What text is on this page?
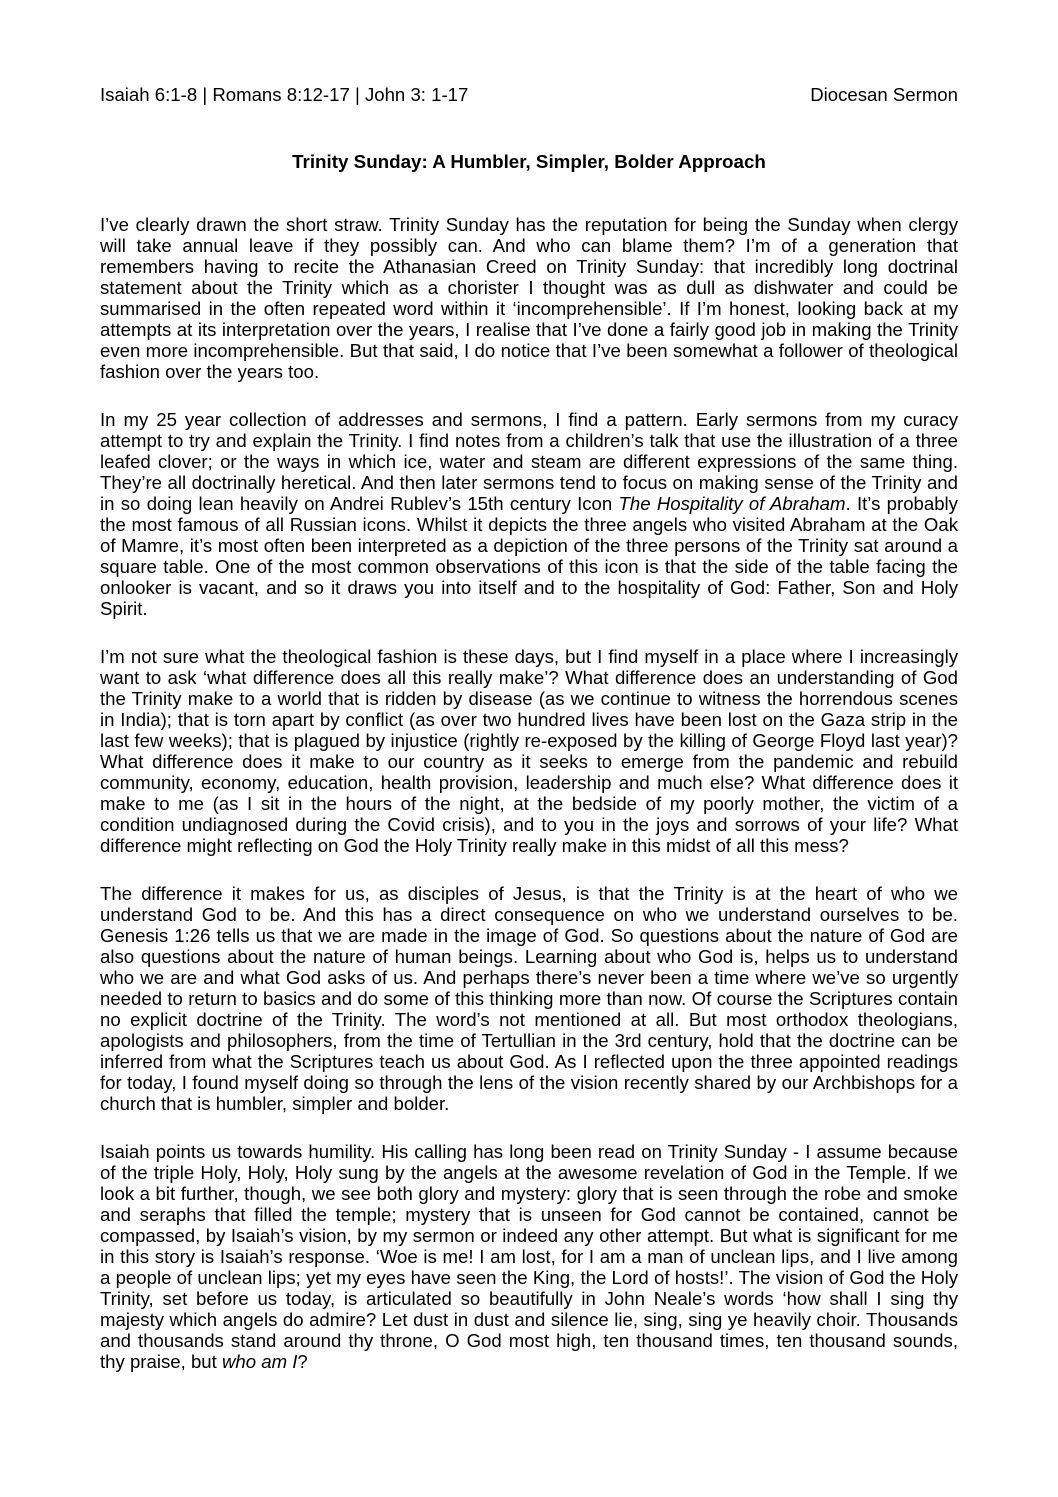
Isaiah 6:1-8 | Romans 8:12-17 | John 3: 1-17	Diocesan Sermon
Trinity Sunday: A Humbler, Simpler, Bolder Approach

I’ve clearly drawn the short straw. Trinity Sunday has the reputation for being the Sunday when clergy will take annual leave if they possibly can. And who can blame them? I’m of a generation that remembers having to recite the Athanasian Creed on Trinity Sunday: that incredibly long doctrinal statement about the Trinity which as a chorister I thought was as dull as dishwater and could be summarised in the often repeated word within it ‘incomprehensible’. If I’m honest, looking back at my attempts at its interpretation over the years, I realise that I’ve done a fairly good job in making the Trinity even more incomprehensible. But that said, I do notice that I’ve been somewhat a follower of theological fashion over the years too.

In my 25 year collection of addresses and sermons, I find a pattern. Early sermons from my curacy attempt to try and explain the Trinity. I find notes from a children’s talk that use the illustration of a three leafed clover; or the ways in which ice, water and steam are different expressions of the same thing. They’re all doctrinally heretical. And then later sermons tend to focus on making sense of the Trinity and in so doing lean heavily on Andrei Rublev’s 15th century Icon The Hospitality of Abraham. It’s probably the most famous of all Russian icons. Whilst it depicts the three angels who visited Abraham at the Oak of Mamre, it’s most often been interpreted as a depiction of the three persons of the Trinity sat around a square table. One of the most common observations of this icon is that the side of the table facing the onlooker is vacant, and so it draws you into itself and to the hospitality of God: Father, Son and Holy Spirit.

I’m not sure what the theological fashion is these days, but I find myself in a place where I increasingly want to ask ‘what difference does all this really make’? What difference does an understanding of God the Trinity make to a world that is ridden by disease (as we continue to witness the horrendous scenes in India); that is torn apart by conflict (as over two hundred lives have been lost on the Gaza strip in the last few weeks); that is plagued by injustice (rightly re-exposed by the killing of George Floyd last year)? What difference does it make to our country as it seeks to emerge from the pandemic and rebuild community, economy, education, health provision, leadership and much else? What difference does it make to me (as I sit in the hours of the night, at the bedside of my poorly mother, the victim of a condition undiagnosed during the Covid crisis), and to you in the joys and sorrows of your life? What difference might reflecting on God the Holy Trinity really make in this midst of all this mess?

The difference it makes for us, as disciples of Jesus, is that the Trinity is at the heart of who we understand God to be. And this has a direct consequence on who we understand ourselves to be. Genesis 1:26 tells us that we are made in the image of God. So questions about the nature of God are also questions about the nature of human beings. Learning about who God is, helps us to understand who we are and what God asks of us. And perhaps there’s never been a time where we’ve so urgently needed to return to basics and do some of this thinking more than now. Of course the Scriptures contain no explicit doctrine of the Trinity. The word’s not mentioned at all. But most orthodox theologians, apologists and philosophers, from the time of Tertullian in the 3rd century, hold that the doctrine can be inferred from what the Scriptures teach us about God. As I reflected upon the three appointed readings for today, I found myself doing so through the lens of the vision recently shared by our Archbishops for a church that is humbler, simpler and bolder.

Isaiah points us towards humility. His calling has long been read on Trinity Sunday - I assume because of the triple Holy, Holy, Holy sung by the angels at the awesome revelation of God in the Temple. If we look a bit further, though, we see both glory and mystery: glory that is seen through the robe and smoke and seraphs that filled the temple; mystery that is unseen for God cannot be contained, cannot be compassed, by Isaiah’s vision, by my sermon or indeed any other attempt. But what is significant for me in this story is Isaiah’s response. ‘Woe is me! I am lost, for I am a man of unclean lips, and I live among a people of unclean lips; yet my eyes have seen the King, the Lord of hosts!’. The vision of God the Holy Trinity, set before us today, is articulated so beautifully in John Neale’s words ‘how shall I sing thy majesty which angels do admire? Let dust in dust and silence lie, sing, sing ye heavily choir. Thousands and thousands stand around thy throne, O God most high, ten thousand times, ten thousand sounds, thy praise, but who am I?
